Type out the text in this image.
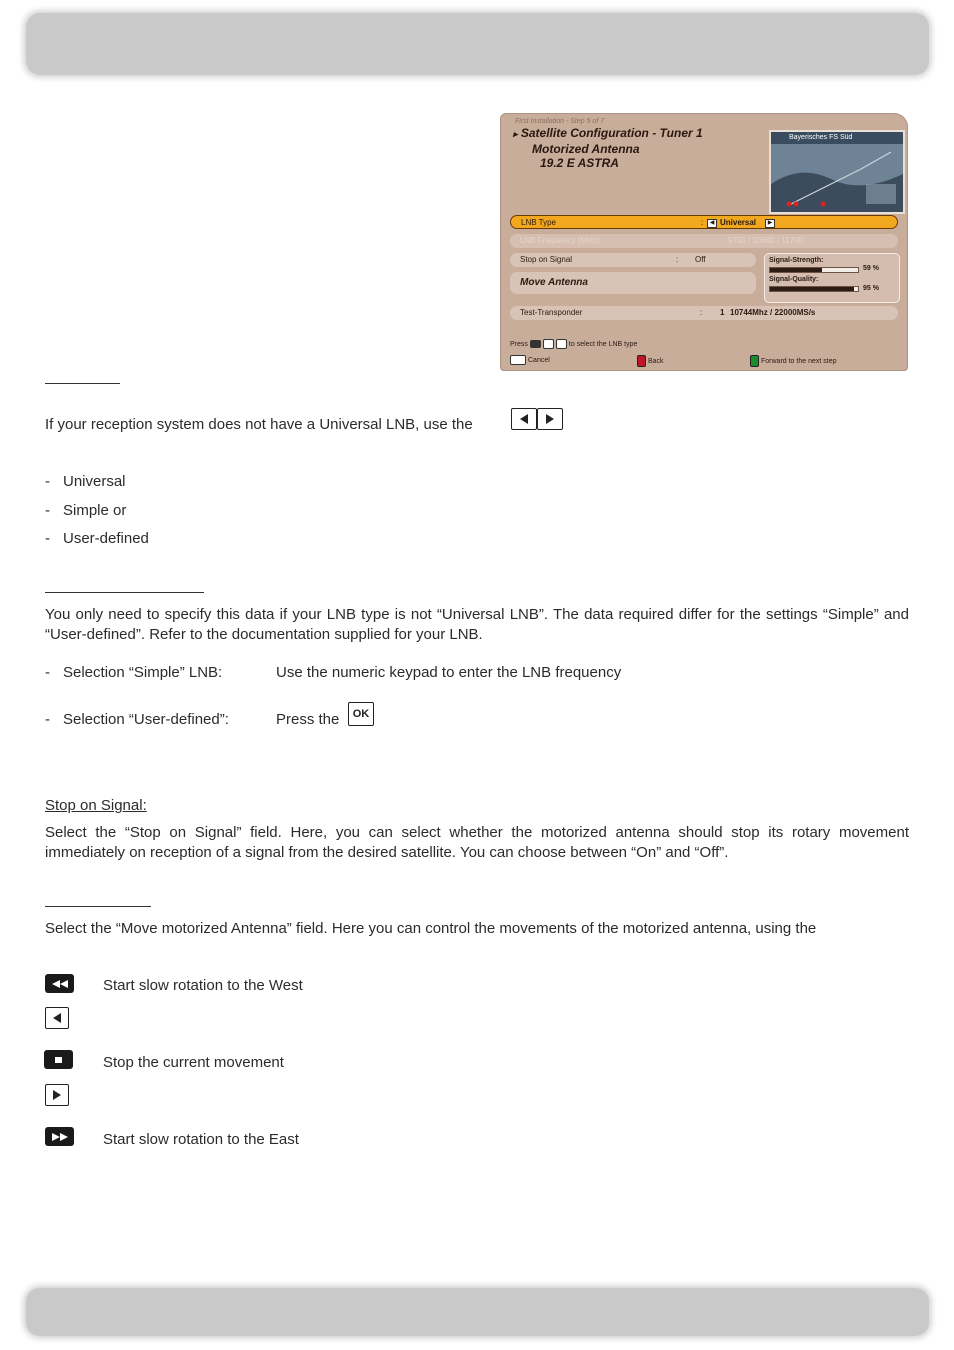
First Installation - Step 5 of 7
▸ Satellite Configuration - Tuner 1
Motorized Antenna
19.2 E ASTRA
Bayerisches FS Süd
LNB Type	:	◀ Universal	▶
LNB Frequency (MHz)	9750 / 10600 / 11700
Stop on Signal	: Off
Move Antenna
Signal-Strength:
59 %
Signal-Quality:
95 %
Test-Transponder	: 1 10744Mhz / 22000MS/s
Press	to select the LNB type
Cancel	Back	Forward to the next step
If your reception system does not have a Universal LNB, use the
- Universal
- Simple or
- User-defined
You only need to specify this data if your LNB type is not “Universal LNB”. The data required differ for the settings “Simple” and “User-defined”. Refer to the documentation supplied for your LNB.
- Selection “Simple” LNB:	Use the numeric keypad to enter the LNB frequency
- Selection “User-defined”:	Press the OK
Stop on Signal:
Select the “Stop on Signal” field. Here, you can select whether the motorized antenna should stop its rotary movement immediately on reception of a signal from the desired satellite. You can choose between “On” and “Off”.
Select the “Move motorized Antenna” field. Here you can control the movements of the motorized antenna, using the
Start slow rotation to the West
Stop the current movement
Start slow rotation to the East
